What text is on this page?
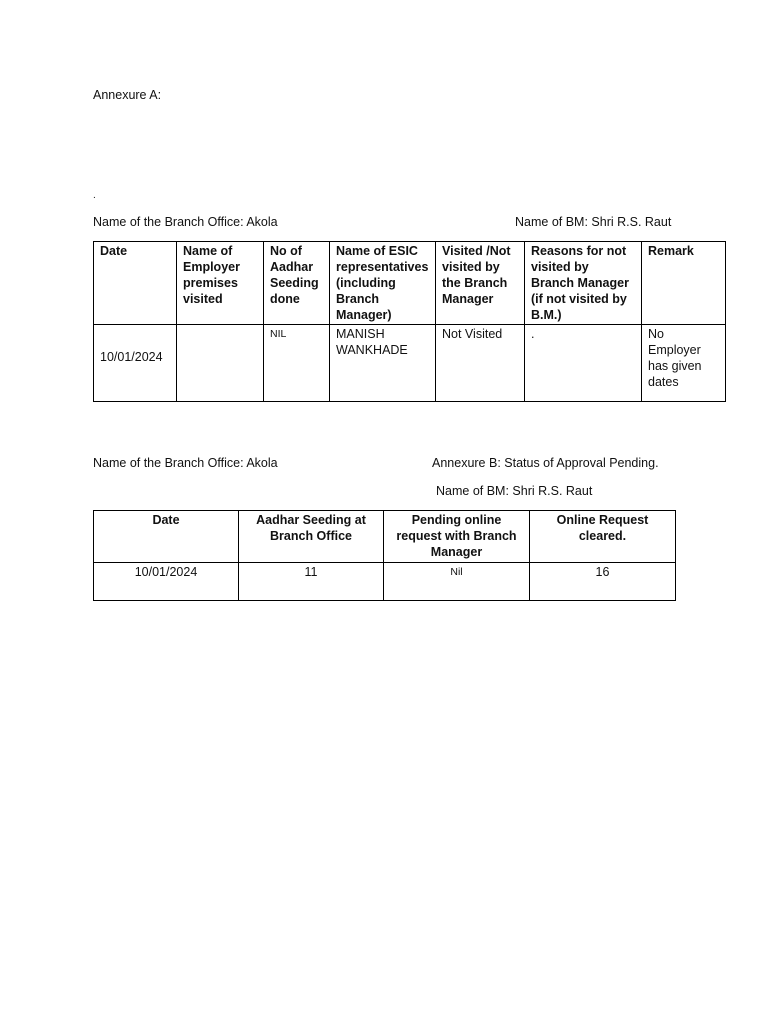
Annexure A:
.
Name of the Branch Office: Akola	Name of BM: Shri R.S. Raut
Date	Name of Employer premises visited	No of Aadhar Seeding done	Name of ESIC representatives (including Branch Manager)	Visited /Not visited by the Branch Manager	Reasons for not visited by Branch Manager (if not visited by B.M.)	Remark
10/01/2024		NIL	MANISH WANKHADE	Not Visited	.	No Employer has given dates
Name of the Branch Office: Akola	Annexure B: Status of Approval Pending.
Name of BM: Shri R.S. Raut
Date	Aadhar Seeding at Branch Office	Pending online request with Branch Manager	Online Request cleared.
10/01/2024	11	Nil	16
